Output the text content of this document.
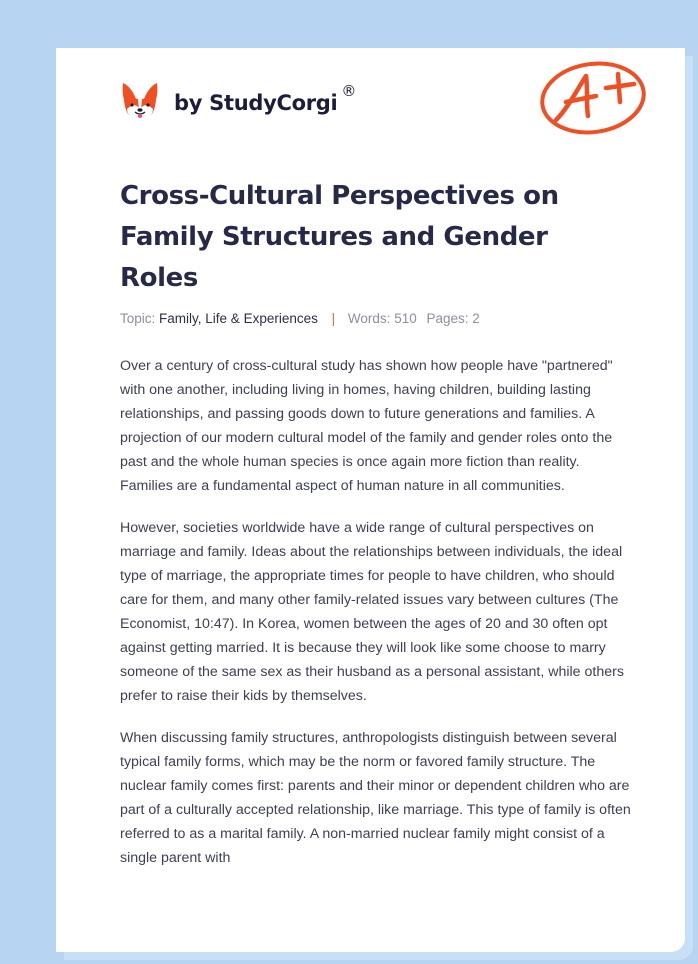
by StudyCorgi ®
Cross-Cultural Perspectives on Family Structures and Gender Roles
Topic: Family, Life & Experiences | Words: 510 Pages: 2

Over a century of cross-cultural study has shown how people have "partnered" with one another, including living in homes, having children, building lasting relationships, and passing goods down to future generations and families. A projection of our modern cultural model of the family and gender roles onto the past and the whole human species is once again more fiction than reality. Families are a fundamental aspect of human nature in all communities.

However, societies worldwide have a wide range of cultural perspectives on marriage and family. Ideas about the relationships between individuals, the ideal type of marriage, the appropriate times for people to have children, who should care for them, and many other family-related issues vary between cultures (The Economist, 10:47). In Korea, women between the ages of 20 and 30 often opt against getting married. It is because they will look like some choose to marry someone of the same sex as their husband as a personal assistant, while others prefer to raise their kids by themselves.

When discussing family structures, anthropologists distinguish between several typical family forms, which may be the norm or favored family structure. The nuclear family comes first: parents and their minor or dependent children who are part of a culturally accepted relationship, like marriage. This type of family is often referred to as a marital family. A non-married nuclear family might consist of a single parent with
